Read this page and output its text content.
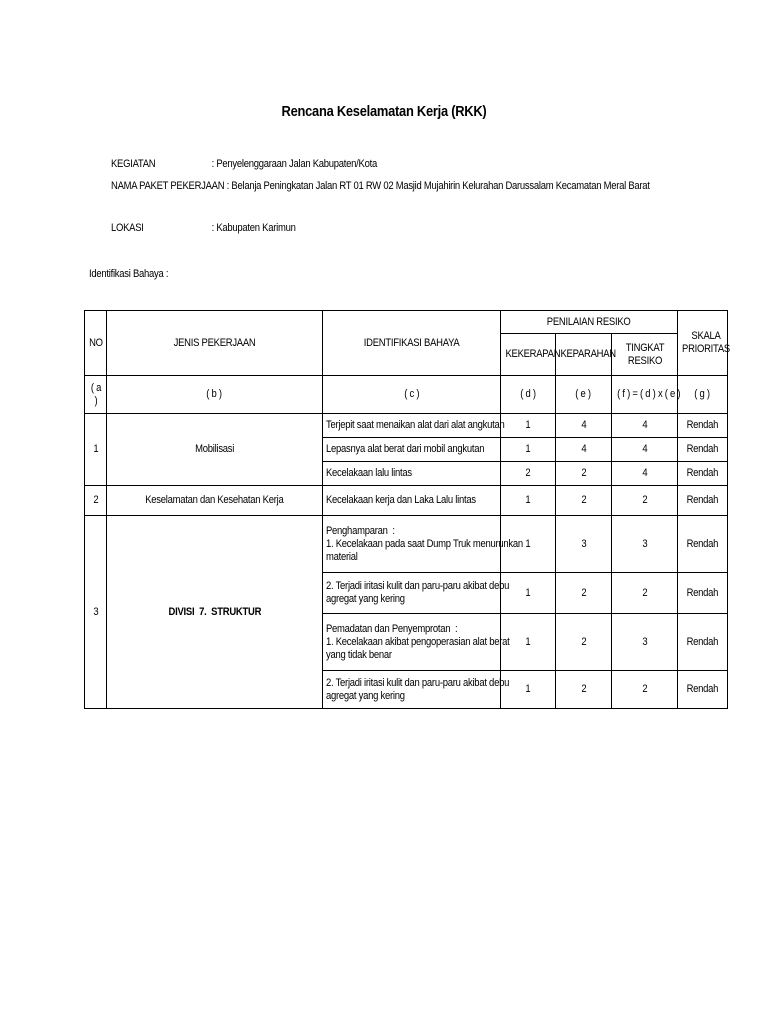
Rencana Keselamatan Kerja (RKK)
KEGIATAN	: Penyelenggaraan Jalan Kabupaten/Kota
NAMA PAKET PEKERJAAN : Belanja Peningkatan Jalan RT 01 RW 02 Masjid Mujahirin Kelurahan Darussalam Kecamatan Meral Barat
LOKASI	: Kabupaten Karimun
Identifikasi Bahaya :
NO	JENIS PEKERJAAN	IDENTIFIKASI BAHAYA	PENILAIAN RESIKO			SKALA PRIORITAS
			KEKERAPAN	KEPARAHAN	TINGKAT RESIKO	
( a )	( b )	( c )	( d )	( e )	( f ) = ( d ) x ( e )	( g )
1	Mobilisasi	Terjepit saat menaikan alat dari alat angkutan	1	4	4	Rendah
		Lepasnya alat berat dari mobil angkutan	1	4	4	Rendah
		Kecelakaan lalu lintas	2	2	4	Rendah
2	Keselamatan dan Kesehatan Kerja	Kecelakaan kerja dan Laka Lalu lintas	1	2	2	Rendah
3	DIVISI  7.  STRUKTUR	Penghamparan  :
1. Kecelakaan pada saat Dump Truk menurunkan
material	1	3	3	Rendah

		2. Terjadi iritasi kulit dan paru-paru akibat debu
agregat yang kering	1	2	2	Rendah

		Pemadatan dan Penyemprotan  :
1. Kecelakaan akibat pengoperasian alat berat
yang tidak benar	1	2	3	Rendah

		2. Terjadi iritasi kulit dan paru-paru akibat debu
agregat yang kering	1	2	2	Rendah
